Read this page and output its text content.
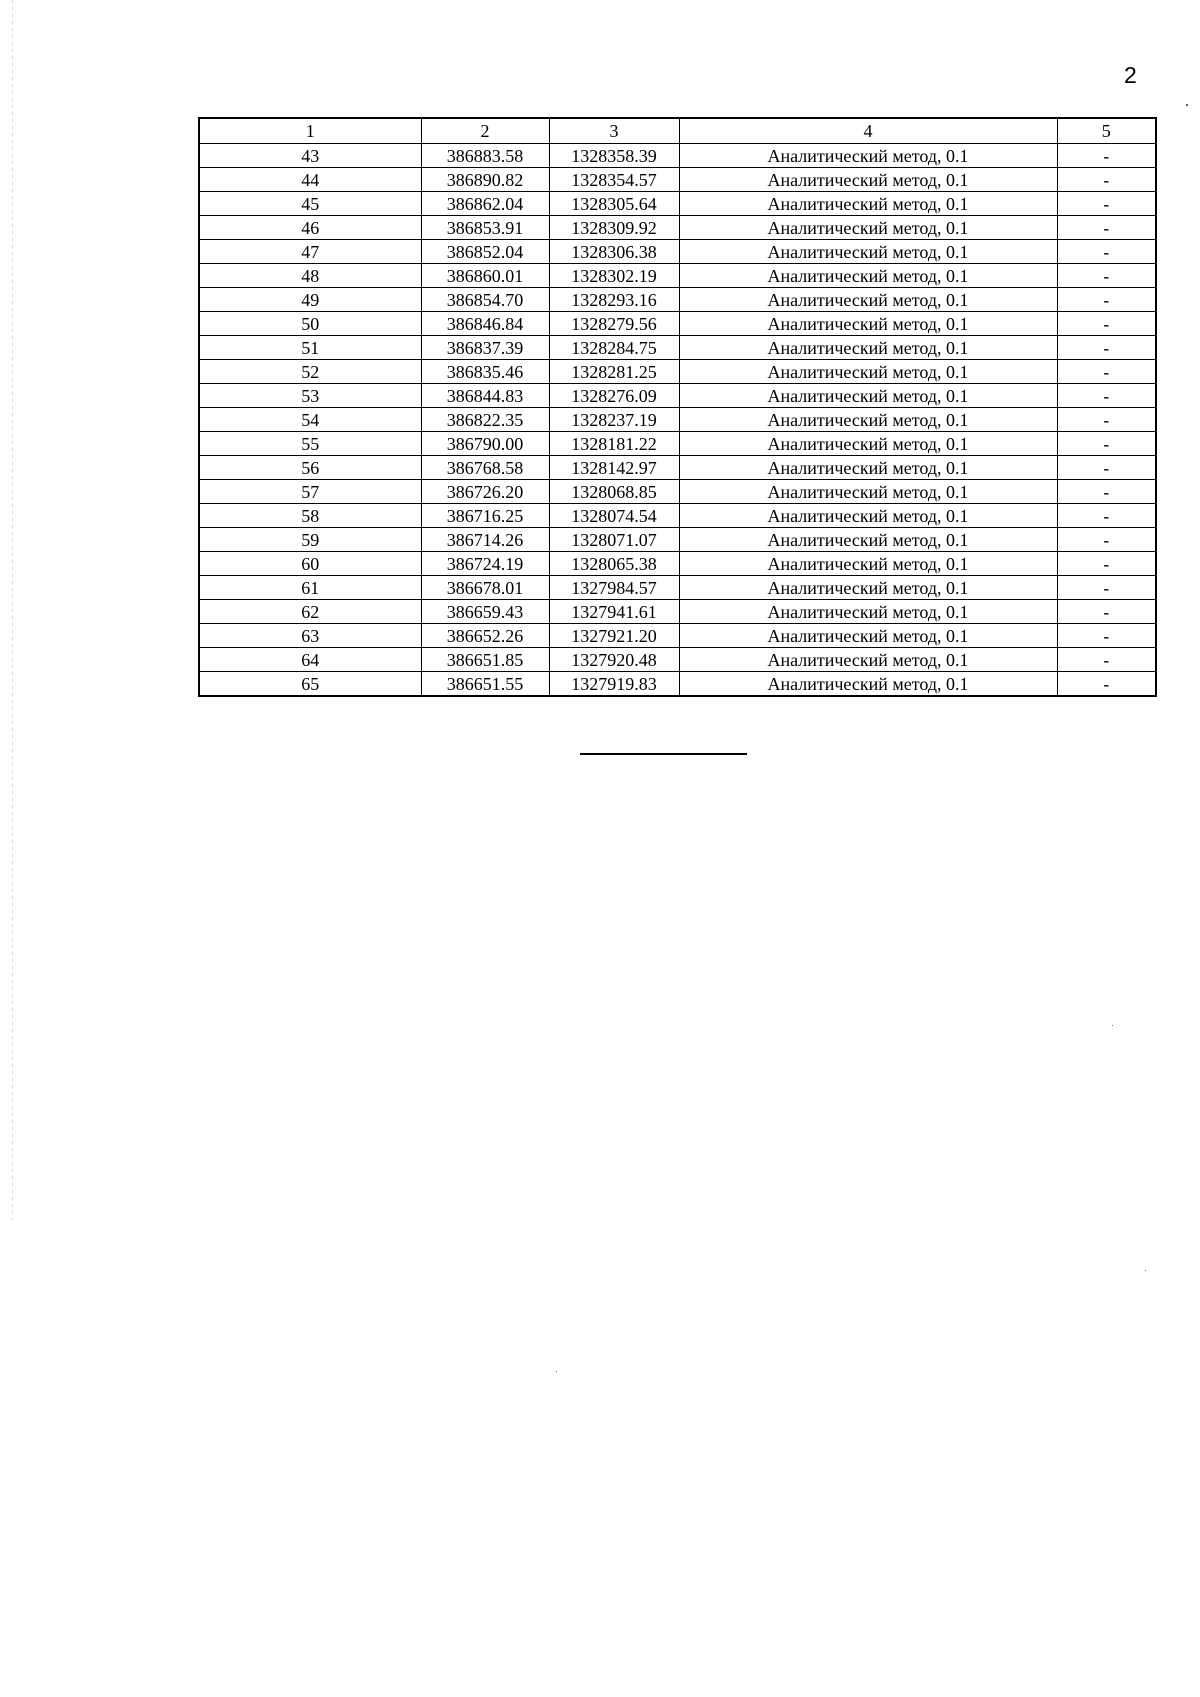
2
1	2	3	4	5
43	386883.58	1328358.39	Аналитический метод, 0.1	-
44	386890.82	1328354.57	Аналитический метод, 0.1	-
45	386862.04	1328305.64	Аналитический метод, 0.1	-
46	386853.91	1328309.92	Аналитический метод, 0.1	-
47	386852.04	1328306.38	Аналитический метод, 0.1	-
48	386860.01	1328302.19	Аналитический метод, 0.1	-
49	386854.70	1328293.16	Аналитический метод, 0.1	-
50	386846.84	1328279.56	Аналитический метод, 0.1	-
51	386837.39	1328284.75	Аналитический метод, 0.1	-
52	386835.46	1328281.25	Аналитический метод, 0.1	-
53	386844.83	1328276.09	Аналитический метод, 0.1	-
54	386822.35	1328237.19	Аналитический метод, 0.1	-
55	386790.00	1328181.22	Аналитический метод, 0.1	-
56	386768.58	1328142.97	Аналитический метод, 0.1	-
57	386726.20	1328068.85	Аналитический метод, 0.1	-
58	386716.25	1328074.54	Аналитический метод, 0.1	-
59	386714.26	1328071.07	Аналитический метод, 0.1	-
60	386724.19	1328065.38	Аналитический метод, 0.1	-
61	386678.01	1327984.57	Аналитический метод, 0.1	-
62	386659.43	1327941.61	Аналитический метод, 0.1	-
63	386652.26	1327921.20	Аналитический метод, 0.1	-
64	386651.85	1327920.48	Аналитический метод, 0.1	-
65	386651.55	1327919.83	Аналитический метод, 0.1	-
